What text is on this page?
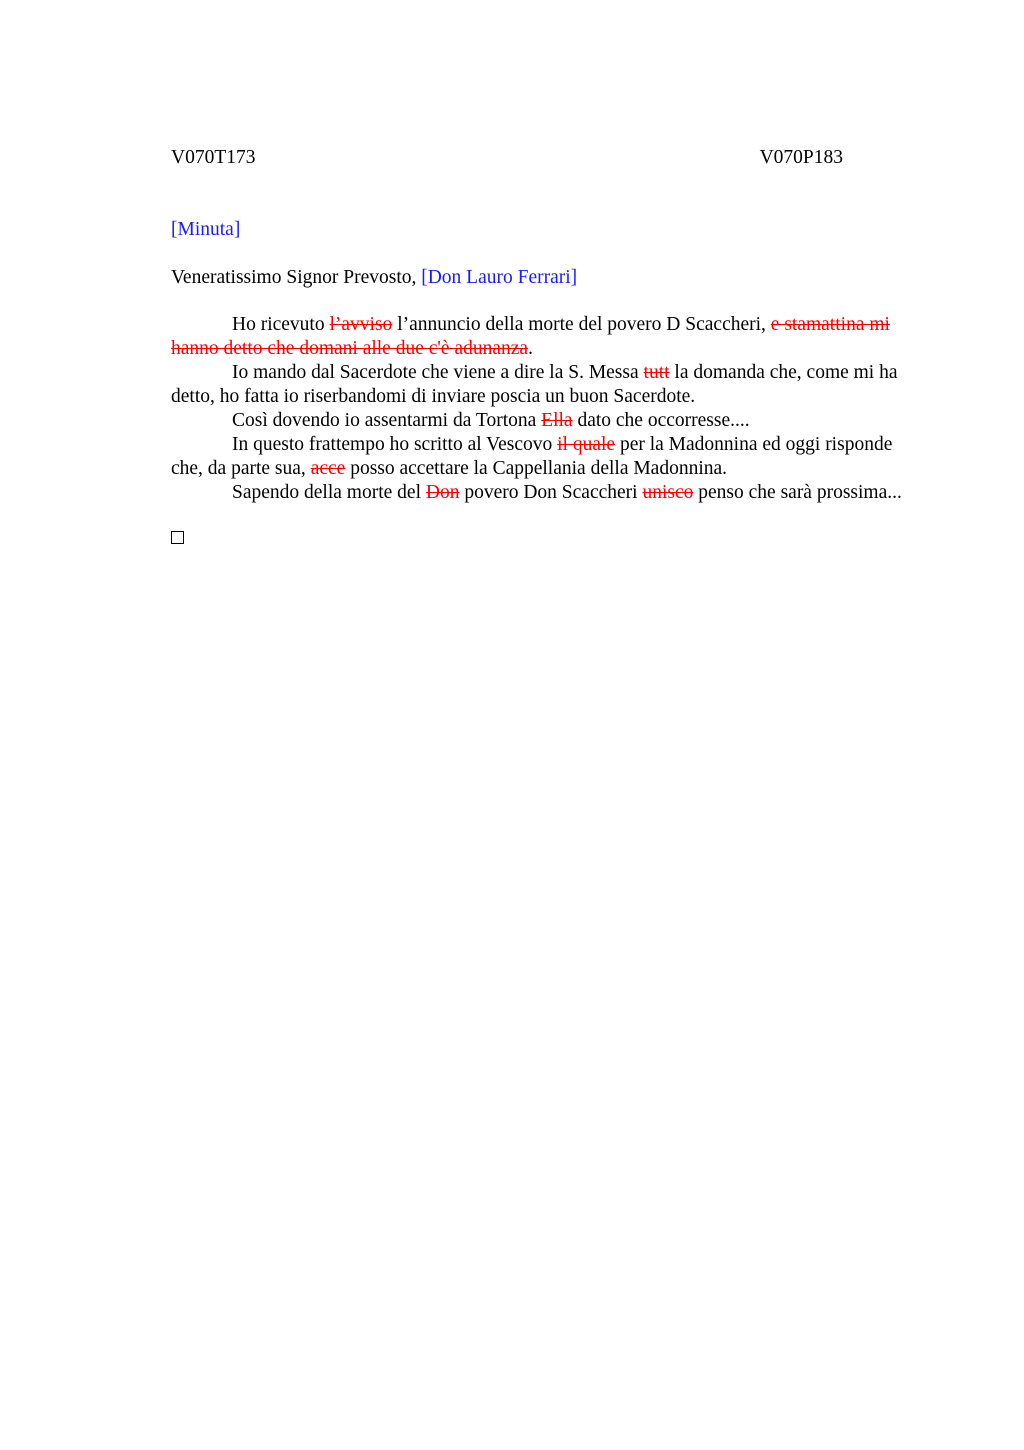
V070T173	V070P183
[Minuta]
Veneratissimo Signor Prevosto, [Don Lauro Ferrari]

Ho ricevuto l’avviso l’annuncio della morte del povero D Scaccheri, e stamattina mi hanno detto che domani alle due c'è adunanza.

Io mando dal Sacerdote che viene a dire la S. Messa tutt la domanda che, come mi ha detto, ho fatta io riserbandomi di inviare poscia un buon Sacerdote.

Così dovendo io assentarmi da Tortona Ella dato che occorresse....

In questo frattempo ho scritto al Vescovo il quale per la Madonnina ed oggi risponde che, da parte sua, acce posso accettare la Cappellania della Madonnina.

Sapendo della morte del Don povero Don Scaccheri unisco penso che sarà prossima...
